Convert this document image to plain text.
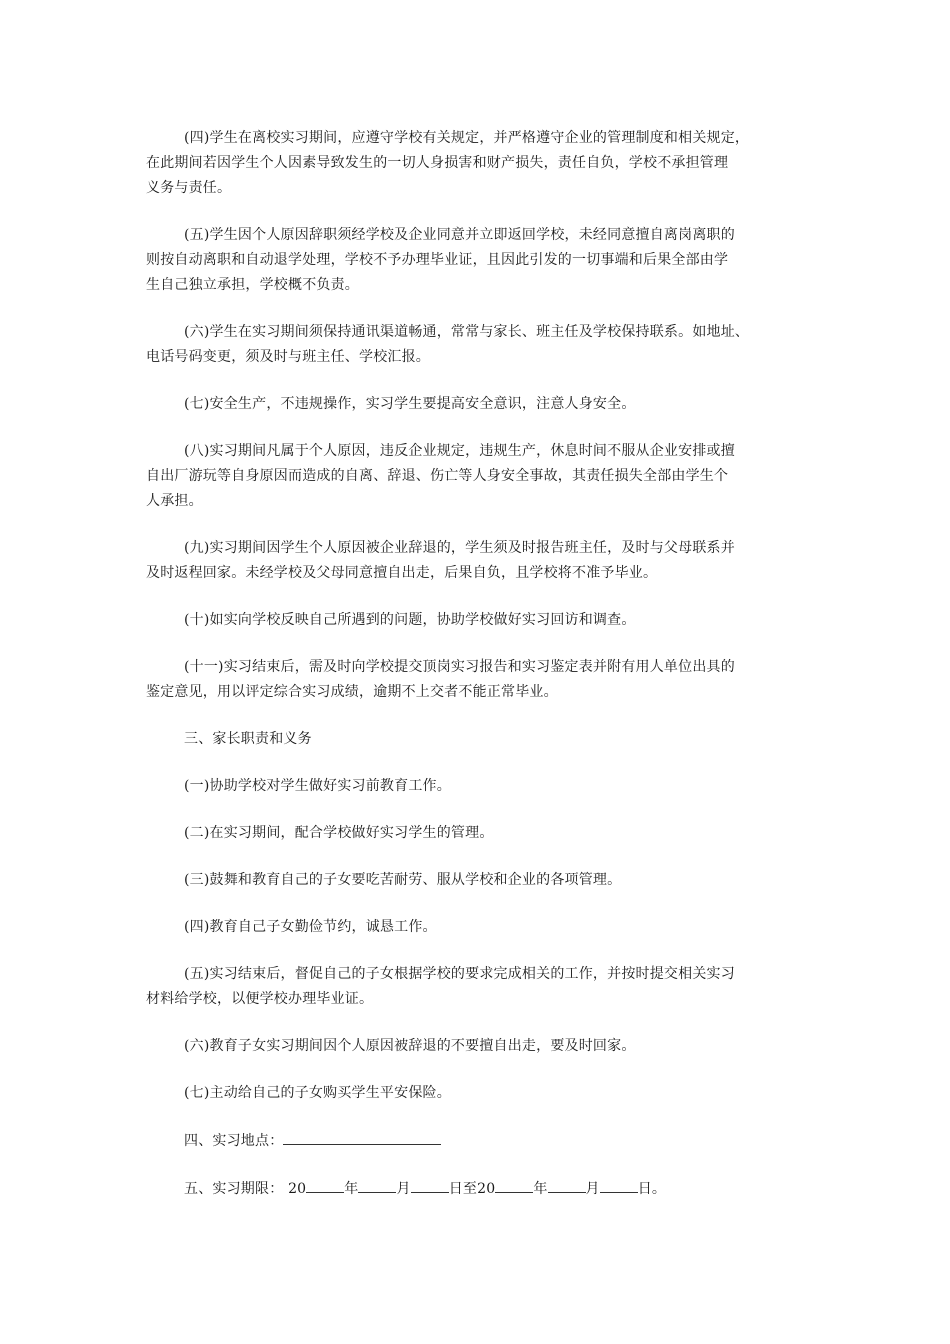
(四)学生在离校实习期间，应遵守学校有关规定，并严格遵守企业的管理制度和相关规定，
在此期间若因学生个人因素导致发生的一切人身损害和财产损失，责任自负，学校不承担管理
义务与责任。

(五)学生因个人原因辞职须经学校及企业同意并立即返回学校，未经同意擅自离岗离职的
则按自动离职和自动退学处理，学校不予办理毕业证，且因此引发的一切事端和后果全部由学
生自己独立承担，学校概不负责。

(六)学生在实习期间须保持通讯渠道畅通，常常与家长、班主任及学校保持联系。如地址、
电话号码变更，须及时与班主任、学校汇报。

(七)安全生产，不违规操作，实习学生要提高安全意识，注意人身安全。

(八)实习期间凡属于个人原因，违反企业规定，违规生产，休息时间不服从企业安排或擅
自出厂游玩等自身原因而造成的自离、辞退、伤亡等人身安全事故，其责任损失全部由学生个
人承担。

(九)实习期间因学生个人原因被企业辞退的，学生须及时报告班主任，及时与父母联系并
及时返程回家。未经学校及父母同意擅自出走，后果自负，且学校将不准予毕业。

(十)如实向学校反映自己所遇到的问题，协助学校做好实习回访和调查。

(十一)实习结束后，需及时向学校提交顶岗实习报告和实习鉴定表并附有用人单位出具的
鉴定意见，用以评定综合实习成绩，逾期不上交者不能正常毕业。

三、家长职责和义务

(一)协助学校对学生做好实习前教育工作。

(二)在实习期间，配合学校做好实习学生的管理。

(三)鼓舞和教育自己的子女要吃苦耐劳、服从学校和企业的各项管理。

(四)教育自己子女勤俭节约，诚恳工作。

(五)实习结束后，督促自己的子女根据学校的要求完成相关的工作，并按时提交相关实习
材料给学校，以便学校办理毕业证。

(六)教育子女实习期间因个人原因被辞退的不要擅自出走，要及时回家。

(七)主动给自己的子女购买学生平安保险。

四、实习地点：

五、实习期限： 20	年	月	日至20	年	月	日。
